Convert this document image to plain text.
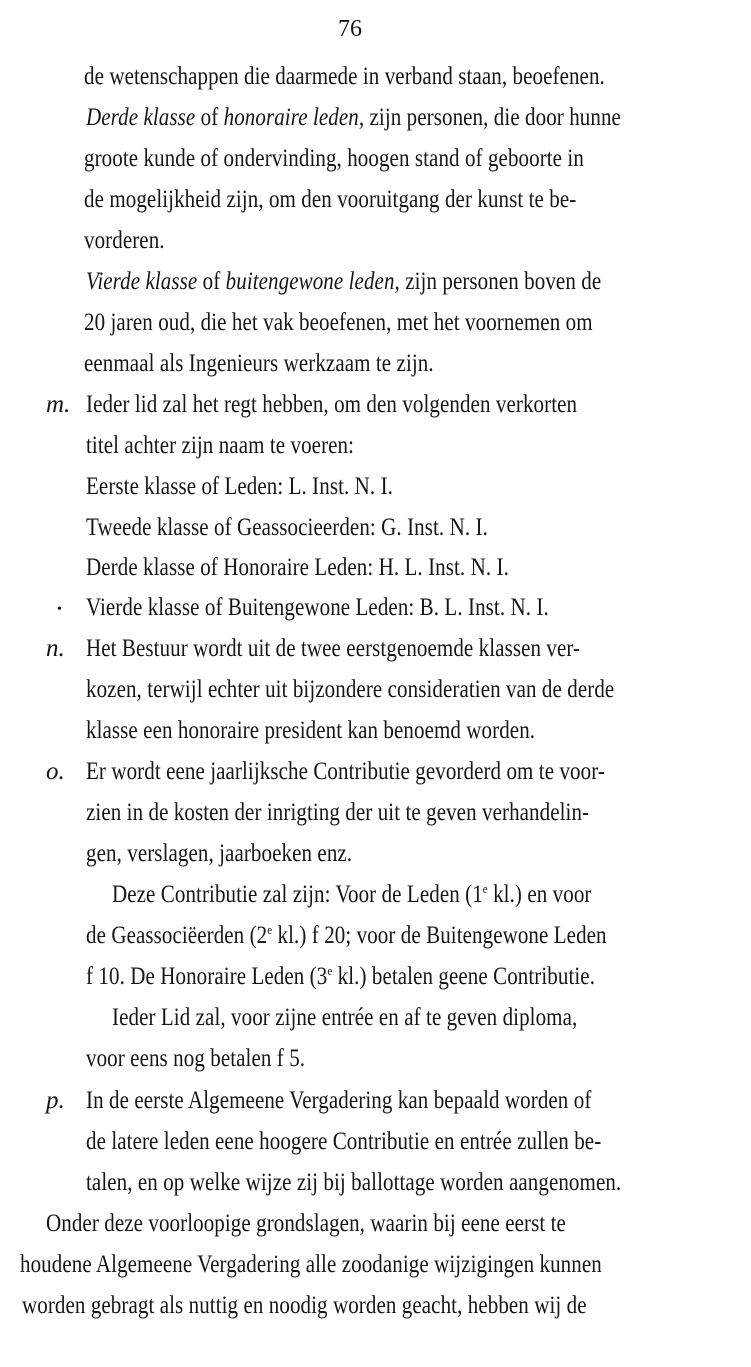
76
de wetenschappen die daarmede in verband staan, beoefenen.
Derde klasse of honoraire leden, zijn personen, die door hunne
groote kunde of ondervinding, hoogen stand of geboorte in
de mogelijkheid zijn, om den vooruitgang der kunst te be-
vorderen.
Vierde klasse of buitengewone leden, zijn personen boven de
20 jaren oud, die het vak beoefenen, met het voornemen om
eenmaal als Ingenieurs werkzaam te zijn.
m. Ieder lid zal het regt hebben, om den volgenden verkorten
titel achter zijn naam te voeren:
Eerste klasse of Leden: L. Inst. N. I.
Tweede klasse of Geassocieerden: G. Inst. N. I.
Derde klasse of Honoraire Leden: H. L. Inst. N. I.
• Vierde klasse of Buitengewone Leden: B. L. Inst. N. I.
n. Het Bestuur wordt uit de twee eerstgenoemde klassen ver-
kozen, terwijl echter uit bijzondere consideratien van de derde
klasse een honoraire president kan benoemd worden.
o. Er wordt eene jaarlijksche Contributie gevorderd om te voor-
zien in de kosten der inrigting der uit te geven verhandelin-
gen, verslagen, jaarboeken enz.
Deze Contributie zal zijn: Voor de Leden (1e kl.) en voor
de Geassociëerden (2e kl.) f 20; voor de Buitengewone Leden
f 10. De Honoraire Leden (3e kl.) betalen geene Contributie.
Ieder Lid zal, voor zijne entrée en af te geven diploma,
voor eens nog betalen f 5.
p. In de eerste Algemeene Vergadering kan bepaald worden of
de latere leden eene hoogere Contributie en entrée zullen be-
talen, en op welke wijze zij bij ballottage worden aangenomen.
Onder deze voorloopige grondslagen, waarin bij eene eerst te
houdene Algemeene Vergadering alle zoodanige wijzigingen kunnen
worden gebragt als nuttig en noodig worden geacht, hebben wij de
